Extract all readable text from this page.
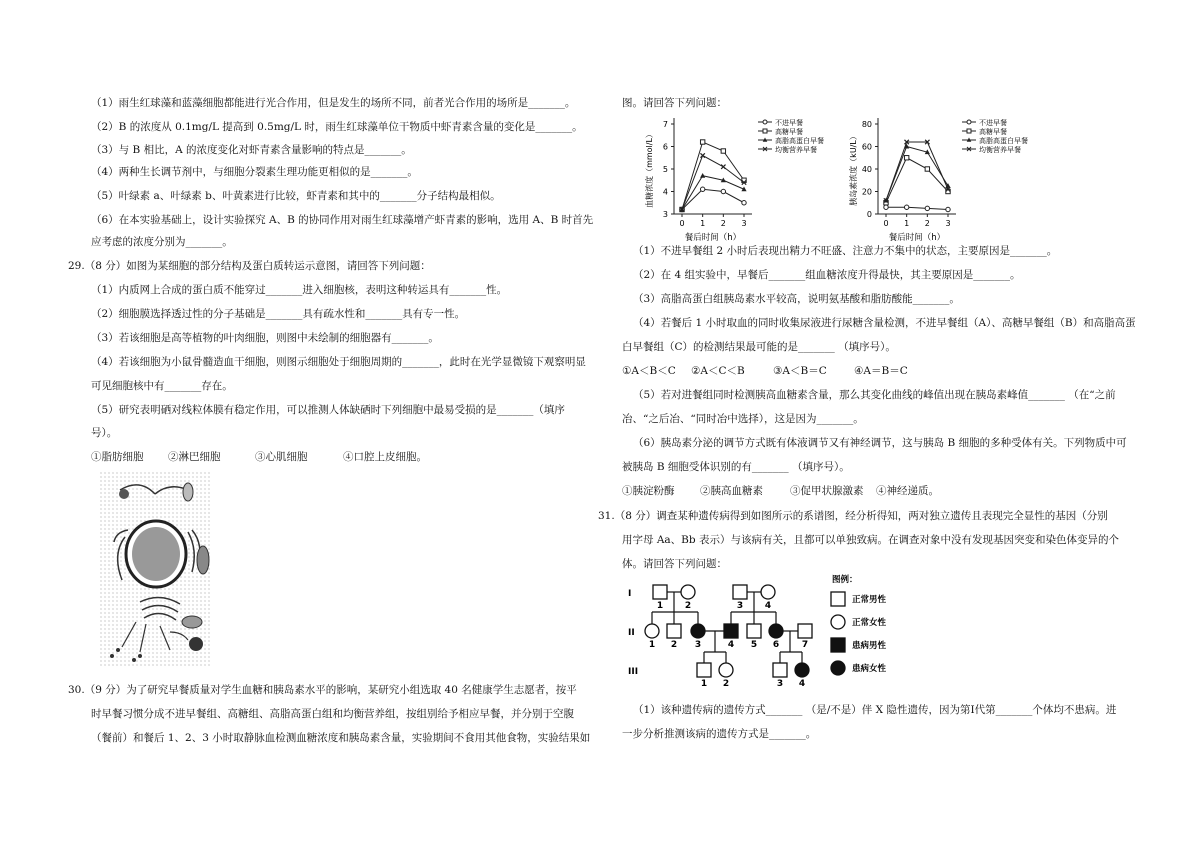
（1）雨生红球藻和蓝藻细胞都能进行光合作用，但是发生的场所不同，前者光合作用的场所是_______。
（2）B 的浓度从 0.1mg/L 提高到 0.5mg/L 时，雨生红球藻单位干物质中虾青素含量的变化是_______。
（3）与 B 相比，A 的浓度变化对虾青素含量影响的特点是_______。
（4）两种生长调节剂中，与细胞分裂素生理功能更相似的是_______。
（5）叶绿素 a、叶绿素 b、叶黄素进行比较，虾青素和其中的_______分子结构最相似。
（6）在本实验基础上，设计实验探究 A、B 的协同作用对雨生红球藻增产虾青素的影响，选用 A、B 时首先
应考虑的浓度分别为_______。
29.（8 分）如图为某细胞的部分结构及蛋白质转运示意图，请回答下列问题：
（1）内质网上合成的蛋白质不能穿过_______进入细胞核，表明这种转运具有_______性。
（2）细胞膜选择透过性的分子基础是_______具有疏水性和_______具有专一性。
（3）若该细胞是高等植物的叶肉细胞，则图中未绘制的细胞器有_______。
（4）若该细胞为小鼠骨髓造血干细胞，则图示细胞处于细胞周期的_______，此时在光学显微镜下观察明显
可见细胞核中有_______存在。
（5）研究表明硒对线粒体膜有稳定作用，可以推测人体缺硒时下列细胞中最易受损的是_______（填序
号）。
①脂肪细胞 ②淋巴细胞	③心肌细胞	④口腔上皮细胞。
30.（9 分）为了研究早餐质量对学生血糖和胰岛素水平的影响，某研究小组选取 40 名健康学生志愿者，按平
时早餐习惯分成不进早餐组、高糖组、高脂高蛋白组和均衡营养组，按组别给予相应早餐，并分别于空腹
（餐前）和餐后 1、2、3 小时取静脉血检测血糖浓度和胰岛素含量，实验期间不食用其他食物，实验结果如
图。请回答下列问题：
3
4
5
6
7
0 1 2 3
餐后时间（h）
血糖浓度（mmol/L）
不进早餐
高糖早餐
高脂高蛋白早餐
均衡营养早餐
0
20
40
60
80
0 1 2 3
餐后时间（h）
胰岛素浓度（kU/L）
不进早餐
高糖早餐
高脂高蛋白早餐
均衡营养早餐
（1）不进早餐组 2 小时后表现出精力不旺盛、注意力不集中的状态，主要原因是_______。
（2）在 4 组实验中，早餐后_______组血糖浓度升得最快，其主要原因是_______。
（3）高脂高蛋白组胰岛素水平较高，说明氨基酸和脂肪酸能_______。
（4）若餐后 1 小时取血的同时收集尿液进行尿糖含量检测，不进早餐组（A）、高糖早餐组（B）和高脂高蛋
白早餐组（C）的检测结果最可能的是_______ （填序号）。
①A＜B＜C ②A＜C＜B	③A＜B＝C	④A＝B＝C
（5）若对进餐组同时检测胰高血糖素含量，那么其变化曲线的峰值出现在胰岛素峰值_______ （在“之前
冶、“之后冶、“同时冶中选择），这是因为_______。
（6）胰岛素分泌的调节方式既有体液调节又有神经调节，这与胰岛 B 细胞的多种受体有关。下列物质中可
被胰岛 B 细胞受体识别的有_______ （填序号）。
①胰淀粉酶 ②胰高血糖素	③促甲状腺激素 ④神经递质。
31.（8 分）调查某种遗传病得到如图所示的系谱图，经分析得知，两对独立遗传且表现完全显性的基因（分别
用字母 Aa、Bb 表示）与该病有关，且都可以单独致病。在调查对象中没有发现基因突变和染色体变异的个
体。请回答下列问题：
I
II
III
1 2	3 4
1 2 3	4 5 6	7
1 2	3 4
图例：
正常男性
正常女性
患病男性
患病女性
（1）该种遗传病的遗传方式_______ （是/不是）伴 X 隐性遗传，因为第Ⅰ代第_______个体均不患病。进
一步分析推测该病的遗传方式是_______。
